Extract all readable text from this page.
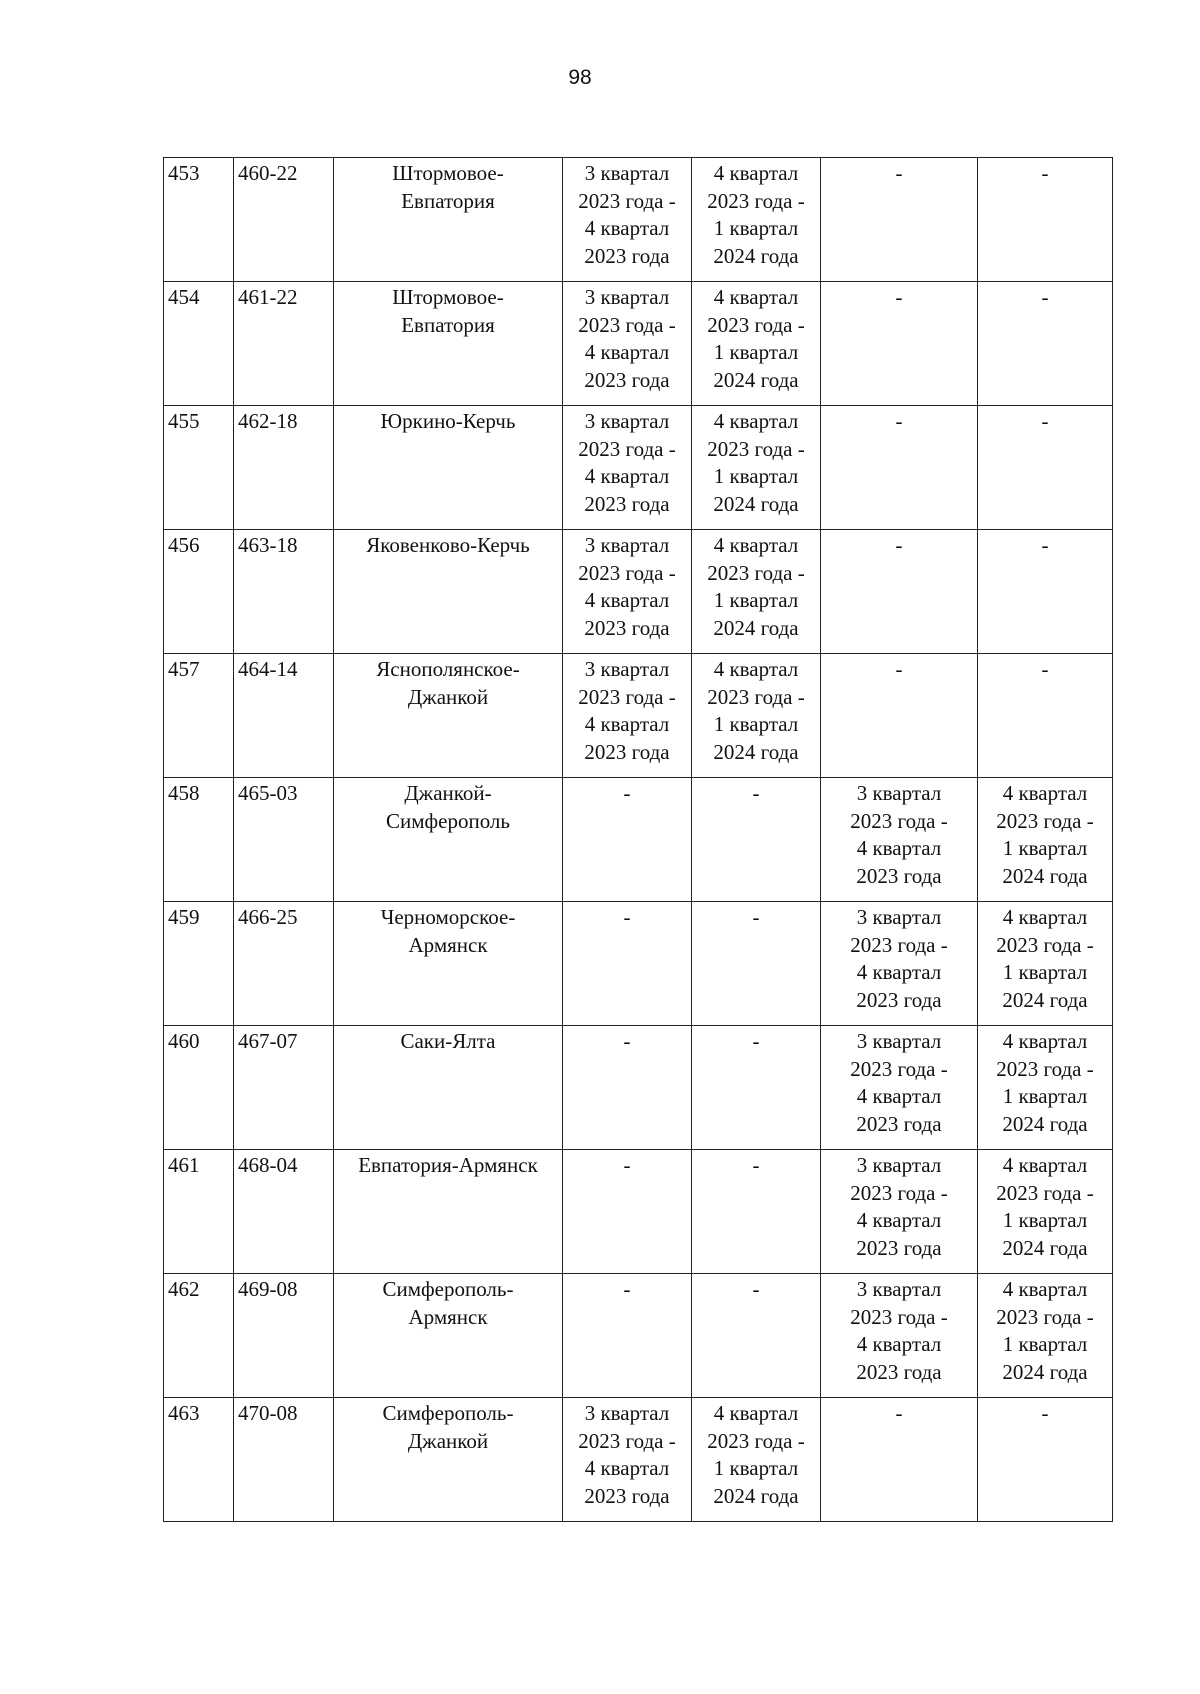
98
453	460-22	Штормовое-
Евпатория	3 квартал
2023 года -
4 квартал
2023 года	4 квартал
2023 года -
1 квартал
2024 года	-	-

454	461-22	Штормовое-
Евпатория	3 квартал
2023 года -
4 квартал
2023 года	4 квартал
2023 года -
1 квартал
2024 года	-	-

455	462-18	Юркино-Керчь	3 квартал
2023 года -
4 квартал
2023 года	4 квартал
2023 года -
1 квартал
2024 года	-	-

456	463-18	Яковенково-Керчь	3 квартал
2023 года -
4 квартал
2023 года	4 квартал
2023 года -
1 квартал
2024 года	-	-

457	464-14	Яснополянское-
Джанкой	3 квартал
2023 года -
4 квартал
2023 года	4 квартал
2023 года -
1 квартал
2024 года	-	-

458	465-03	Джанкой-
Симферополь	-	-	3 квартал
2023 года -
4 квартал
2023 года	4 квартал
2023 года -
1 квартал
2024 года

459	466-25	Черноморское-
Армянск	-	-	3 квартал
2023 года -
4 квартал
2023 года	4 квартал
2023 года -
1 квартал
2024 года

460	467-07	Саки-Ялта	-	-	3 квартал
2023 года -
4 квартал
2023 года	4 квартал
2023 года -
1 квартал
2024 года

461	468-04	Евпатория-Армянск	-	-	3 квартал
2023 года -
4 квартал
2023 года	4 квартал
2023 года -
1 квартал
2024 года

462	469-08	Симферополь-
Армянск	-	-	3 квартал
2023 года -
4 квартал
2023 года	4 квартал
2023 года -
1 квартал
2024 года

463	470-08	Симферополь-
Джанкой	3 квартал
2023 года -
4 квартал
2023 года	4 квартал
2023 года -
1 квартал
2024 года	-	-
